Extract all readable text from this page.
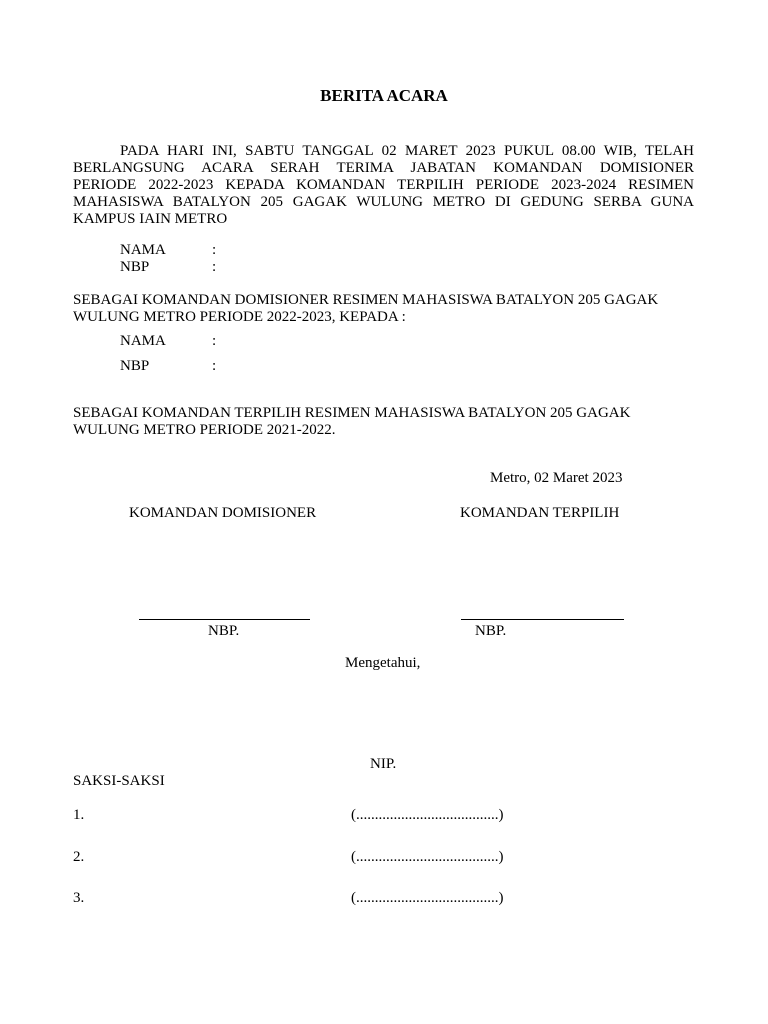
BERITA ACARA
PADA HARI INI, SABTU TANGGAL 02 MARET 2023 PUKUL 08.00 WIB, TELAH
BERLANGSUNG ACARA SERAH TERIMA JABATAN KOMANDAN DOMISIONER
PERIODE 2022-2023 KEPADA KOMANDAN TERPILIH PERIODE 2023-2024 RESIMEN
MAHASISWA BATALYON 205 GAGAK WULUNG METRO DI GEDUNG SERBA GUNA
KAMPUS IAIN METRO
NAMA	:
NBP	:
SEBAGAI KOMANDAN DOMISIONER RESIMEN MAHASISWA BATALYON 205 GAGAK
WULUNG METRO PERIODE 2022-2023, KEPADA :
NAMA	:
NBP	:
SEBAGAI KOMANDAN TERPILIH RESIMEN MAHASISWA BATALYON 205 GAGAK
WULUNG METRO PERIODE 2021-2022.
Metro, 02 Maret 2023
KOMANDAN DOMISIONER	KOMANDAN TERPILIH
NBP.	NBP.
Mengetahui,
NIP.
SAKSI-SAKSI
1.	(......................................)
2.	(......................................)
3.	(......................................)
